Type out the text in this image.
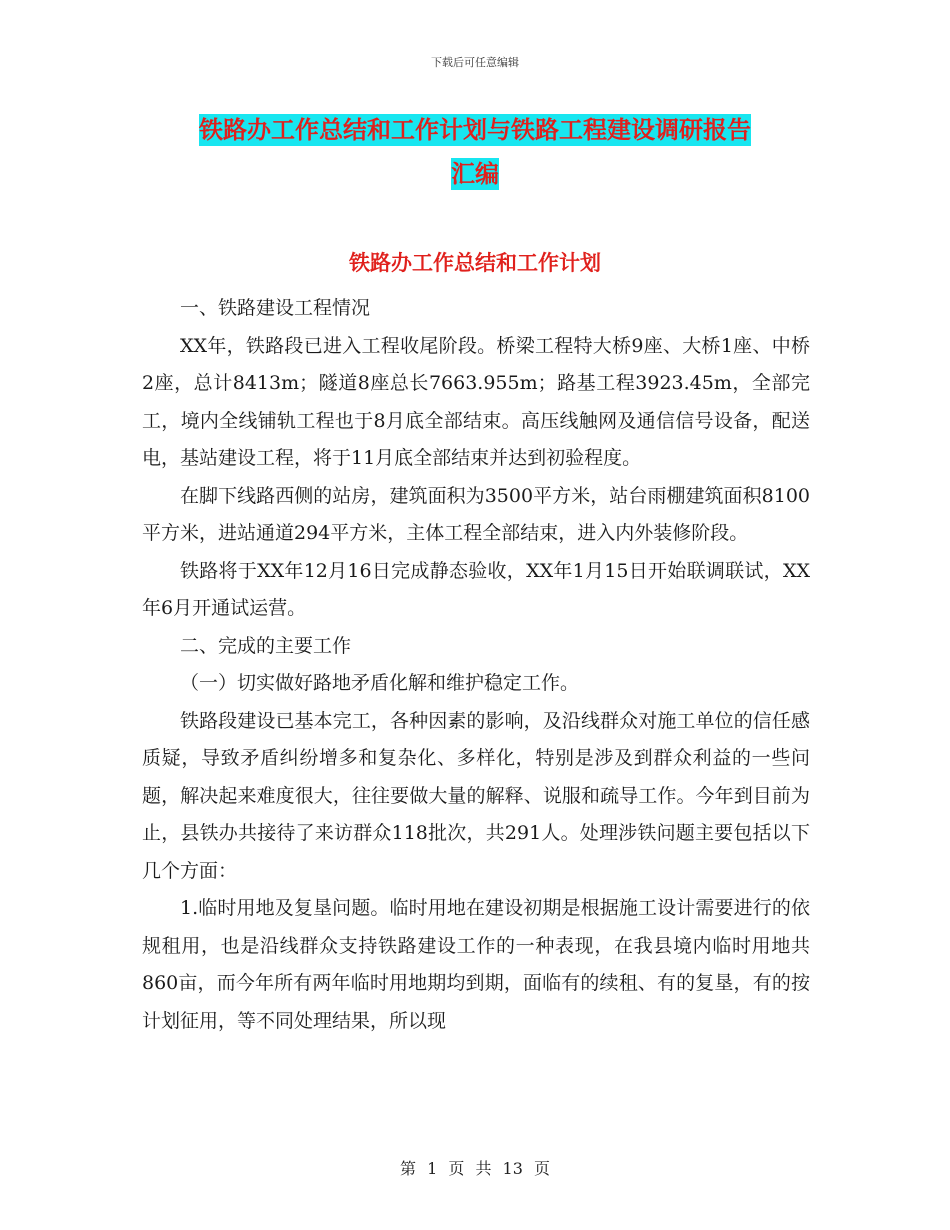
下载后可任意编辑
铁路办工作总结和工作计划与铁路工程建设调研报告
汇编
铁路办工作总结和工作计划

一、铁路建设工程情况

XX年，铁路段已进入工程收尾阶段。桥梁工程特大桥9座、大桥1座、中桥2座，总计8413m；隧道8座总长7663.955m；路基工程3923.45m，全部完工，境内全线铺轨工程也于8月底全部结束。高压线触网及通信信号设备，配送电，基站建设工程，将于11月底全部结束并达到初验程度。

在脚下线路西侧的站房，建筑面积为3500平方米，站台雨棚建筑面积8100平方米，进站通道294平方米，主体工程全部结束，进入内外装修阶段。

铁路将于XX年12月16日完成静态验收，XX年1月15日开始联调联试，XX年6月开通试运营。

二、完成的主要工作

（一）切实做好路地矛盾化解和维护稳定工作。

铁路段建设已基本完工，各种因素的影响，及沿线群众对施工单位的信任感质疑，导致矛盾纠纷增多和复杂化、多样化，特别是涉及到群众利益的一些问题，解决起来难度很大，往往要做大量的解释、说服和疏导工作。今年到目前为止，县铁办共接待了来访群众118批次，共291人。处理涉铁问题主要包括以下几个方面：

1.临时用地及复垦问题。临时用地在建设初期是根据施工设计需要进行的依规租用，也是沿线群众支持铁路建设工作的一种表现，在我县境内临时用地共860亩，而今年所有两年临时用地期均到期，面临有的续租、有的复垦，有的按计划征用，等不同处理结果，所以现

第 1 页 共 13 页
